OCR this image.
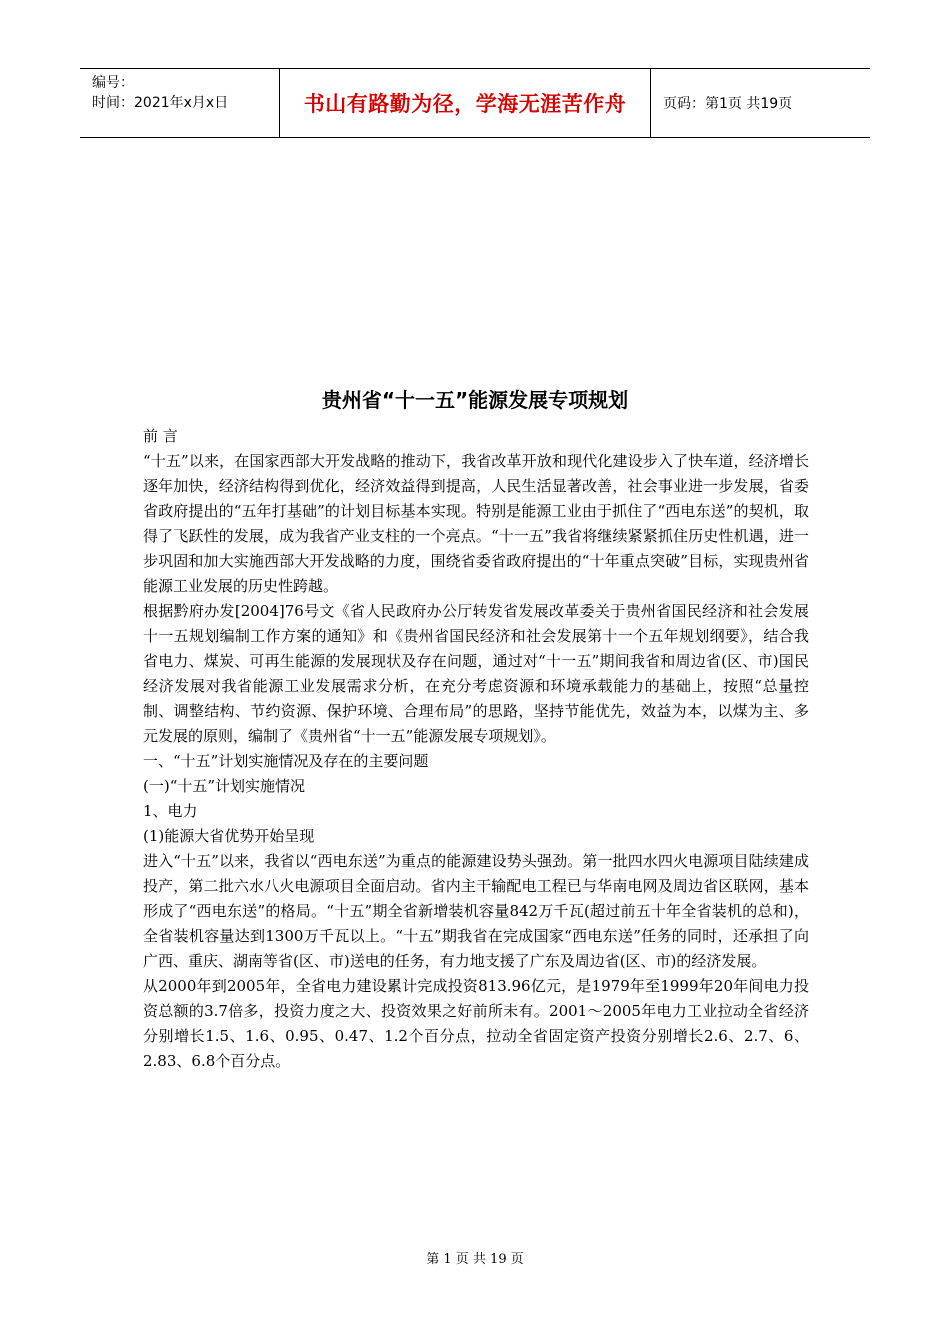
编号：
时间：2021年x月x日	书山有路勤为径，学海无涯苦作舟	页码：第1页 共19页
贵州省“十一五”能源发展专项规划

前 言

“十五”以来，在国家西部大开发战略的推动下，我省改革开放和现代化建设步入了快车道，经济增长逐年加快，经济结构得到优化，经济效益得到提高，人民生活显著改善，社会事业进一步发展，省委省政府提出的“五年打基础”的计划目标基本实现。特别是能源工业由于抓住了“西电东送”的契机，取得了飞跃性的发展，成为我省产业支柱的一个亮点。“十一五”我省将继续紧紧抓住历史性机遇，进一步巩固和加大实施西部大开发战略的力度，围绕省委省政府提出的“十年重点突破”目标，实现贵州省能源工业发展的历史性跨越。

根据黔府办发[2004]76号文《省人民政府办公厅转发省发展改革委关于贵州省国民经济和社会发展十一五规划编制工作方案的通知》和《贵州省国民经济和社会发展第十一个五年规划纲要》，结合我省电力、煤炭、可再生能源的发展现状及存在问题，通过对“十一五”期间我省和周边省(区、市)国民经济发展对我省能源工业发展需求分析，在充分考虑资源和环境承载能力的基础上，按照“总量控制、调整结构、节约资源、保护环境、合理布局”的思路，坚持节能优先，效益为本，以煤为主、多元发展的原则，编制了《贵州省“十一五”能源发展专项规划》。

一、“十五”计划实施情况及存在的主要问题

(一)“十五”计划实施情况

1、电力

(1)能源大省优势开始呈现

进入“十五”以来，我省以“西电东送”为重点的能源建设势头强劲。第一批四水四火电源项目陆续建成投产，第二批六水八火电源项目全面启动。省内主干输配电工程已与华南电网及周边省区联网，基本形成了“西电东送”的格局。“十五”期全省新增装机容量842万千瓦(超过前五十年全省装机的总和)，全省装机容量达到1300万千瓦以上。“十五”期我省在完成国家“西电东送”任务的同时，还承担了向广西、重庆、湖南等省(区、市)送电的任务，有力地支援了广东及周边省(区、市)的经济发展。

从2000年到2005年，全省电力建设累计完成投资813.96亿元，是1979年至1999年20年间电力投资总额的3.7倍多，投资力度之大、投资效果之好前所未有。2001～2005年电力工业拉动全省经济分别增长1.5、1.6、0.95、0.47、1.2个百分点，拉动全省固定资产投资分别增长2.6、2.7、6、2.83、6.8个百分点。

第 1 页 共 19 页
